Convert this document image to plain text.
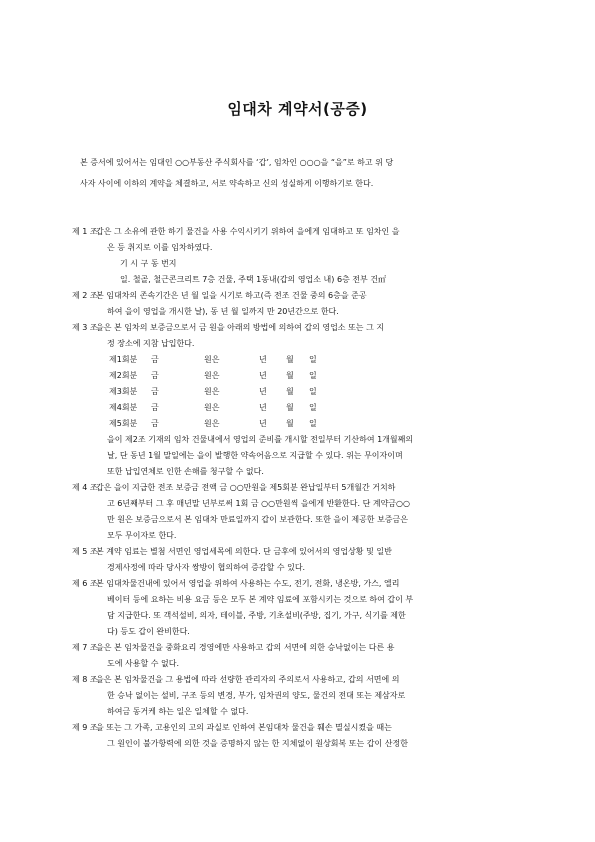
임대차 계약서(공증)
본 증서에 있어서는 임대인 ○○부동산 주식회사를 ‘갑’, 임차인 ○○○을 “을”로 하고 위 당
사자 사이에 이하의 계약을 체결하고, 서로 약속하고 신의 성실하게 이행하기로 한다.
제 1 조
갑은 그 소유에 관한 하기 물건을 사용 수익시키기 위하여 을에게 임대하고 또 임차인 을
은 등 취지로 이를 임차하였다.
기 시 구 동 번지
일. 철골, 철근콘크리트 7층 건물, 주택 1동내(갑의 영업소 내) 6층 전부 건㎡
제 2 조
본 임대차의 존속기간은 년 월 일을 시기로 하고(즉 전조 건물 중의 6층을 준공
하여 을이 영업을 개시한 날), 동 년 월 일까지 만 20년간으로 한다.
제 3 조
을은 본 임차의 보증금으로서 금 원을 아래의 방법에 의하여 갑의 영업소 또는 그 지
정 장소에 지참 납입한다.
제1회분 금	원은	년 월 일
제2회분 금	원은	년 월 일
제3회분 금	원은	년 월 일
제4회분 금	원은	년 월 일
제5회분 금	원은	년 월 일
을이 제2조 기재의 임차 건물내에서 영업의 준비를 개시할 전일부터 기산하여 1개월째의
날, 단 동년 1월 말일에는 을이 발행한 약속어음으로 지급할 수 있다. 위는 무이자이며
또한 납입연체로 인한 손해를 청구할 수 없다.
제 4 조
갑은 을이 지급한 전조 보증금 전액 금 ○○만원을 제5회분 완납일부터 5개월간 거치하
고 6년째부터 그 후 매년말 년부로써 1회 금 ○○만원씩 을에게 반환한다. 단 계약금○○
만 원은 보증금으로서 본 임대차 만료일까지 갑이 보관한다. 또한 을이 제공한 보증금은
모두 무이자로 한다.
제 5 조
본 계약 임료는 별첨 서면인 영업세목에 의한다. 단 금후에 있어서의 영업상황 및 일반
경제사정에 따라 당사자 쌍방이 협의하여 증감할 수 있다.
제 6 조
본 임대차물건내에 있어서 영업을 위하여 사용하는 수도, 전기, 전화, 냉온방, 가스, 엘리
베이터 등에 요하는 비용 요금 등은 모두 본 계약 임료에 포함시키는 것으로 하여 갑이 부
담 지급한다. 또 객석설비, 의자, 테이블, 주방, 기초설비(주방, 집기, 가구, 식기를 제한
다) 등도 갑이 완비한다.
제 7 조
을은 본 임차물건을 중화요리 경영에만 사용하고 갑의 서면에 의한 승낙없이는 다른 용
도에 사용할 수 없다.
제 8 조
을은 본 임차물건을 그 용법에 따라 선량한 관리자의 주의로서 사용하고, 갑의 서면에 의
한 승낙 없이는 설비, 구조 등의 변경, 부가, 임차권의 양도, 물건의 전대 또는 제삼자로
하여금 동거케 하는 일은 일체할 수 없다.
제 9 조
을 또는 그 가족, 고용인의 고의 과실로 인하여 본임대차 물건을 훼손 멸실시켰을 때는
그 원인이 불가항력에 의한 것을 증명하지 않는 한 지체없이 원상회복 또는 갑이 산정한
